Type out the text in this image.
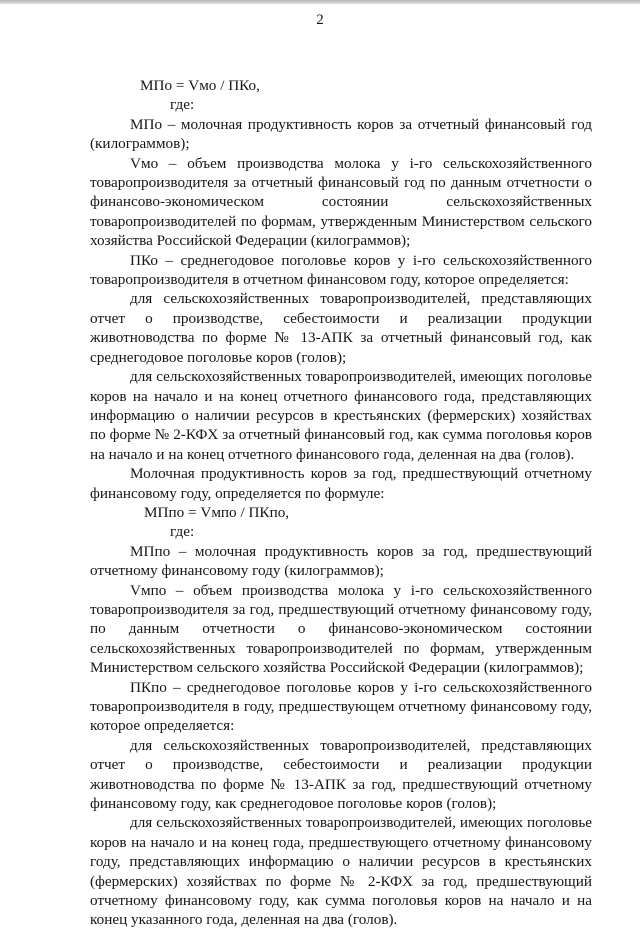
2

МПо = Vмо / ПКо,

где:

МПо – молочная продуктивность коров за отчетный финансовый год (килограммов);

Vмо – объем производства молока у i-го сельскохозяйственного товаропроизводителя за отчетный финансовый год по данным отчетности о финансово-экономическом состоянии сельскохозяйственных товаропроизводителей по формам, утвержденным Министерством сельского хозяйства Российской Федерации (килограммов);

ПКо – среднегодовое поголовье коров у i-го сельскохозяйственного товаропроизводителя в отчетном финансовом году, которое определяется:

для сельскохозяйственных товаропроизводителей, представляющих отчет о производстве, себестоимости и реализации продукции животноводства по форме № 13-АПК за отчетный финансовый год, как среднегодовое поголовье коров (голов);

для сельскохозяйственных товаропроизводителей, имеющих поголовье коров на начало и на конец отчетного финансового года, представляющих информацию о наличии ресурсов в крестьянских (фермерских) хозяйствах по форме № 2-КФХ за отчетный финансовый год, как сумма поголовья коров на начало и на конец отчетного финансового года, деленная на два (голов).

Молочная продуктивность коров за год, предшествующий отчетному финансовому году, определяется по формуле:

МПпо = Vмпо / ПКпо,

где:

МПпо – молочная продуктивность коров за год, предшествующий отчетному финансовому году (килограммов);

Vмпо – объем производства молока у i-го сельскохозяйственного товаропроизводителя за год, предшествующий отчетному финансовому году, по данным отчетности о финансово-экономическом состоянии сельскохозяйственных товаропроизводителей по формам, утвержденным Министерством сельского хозяйства Российской Федерации (килограммов);

ПКпо – среднегодовое поголовье коров у i-го сельскохозяйственного товаропроизводителя в году, предшествующем отчетному финансовому году, которое определяется:

для сельскохозяйственных товаропроизводителей, представляющих отчет о производстве, себестоимости и реализации продукции животноводства по форме № 13-АПК за год, предшествующий отчетному финансовому году, как среднегодовое поголовье коров (голов);

для сельскохозяйственных товаропроизводителей, имеющих поголовье коров на начало и на конец года, предшествующего отчетному финансовому году, представляющих информацию о наличии ресурсов в крестьянских (фермерских) хозяйствах по форме № 2-КФХ за год, предшествующий отчетному финансовому году, как сумма поголовья коров на начало и на конец указанного года, деленная на два (голов).
